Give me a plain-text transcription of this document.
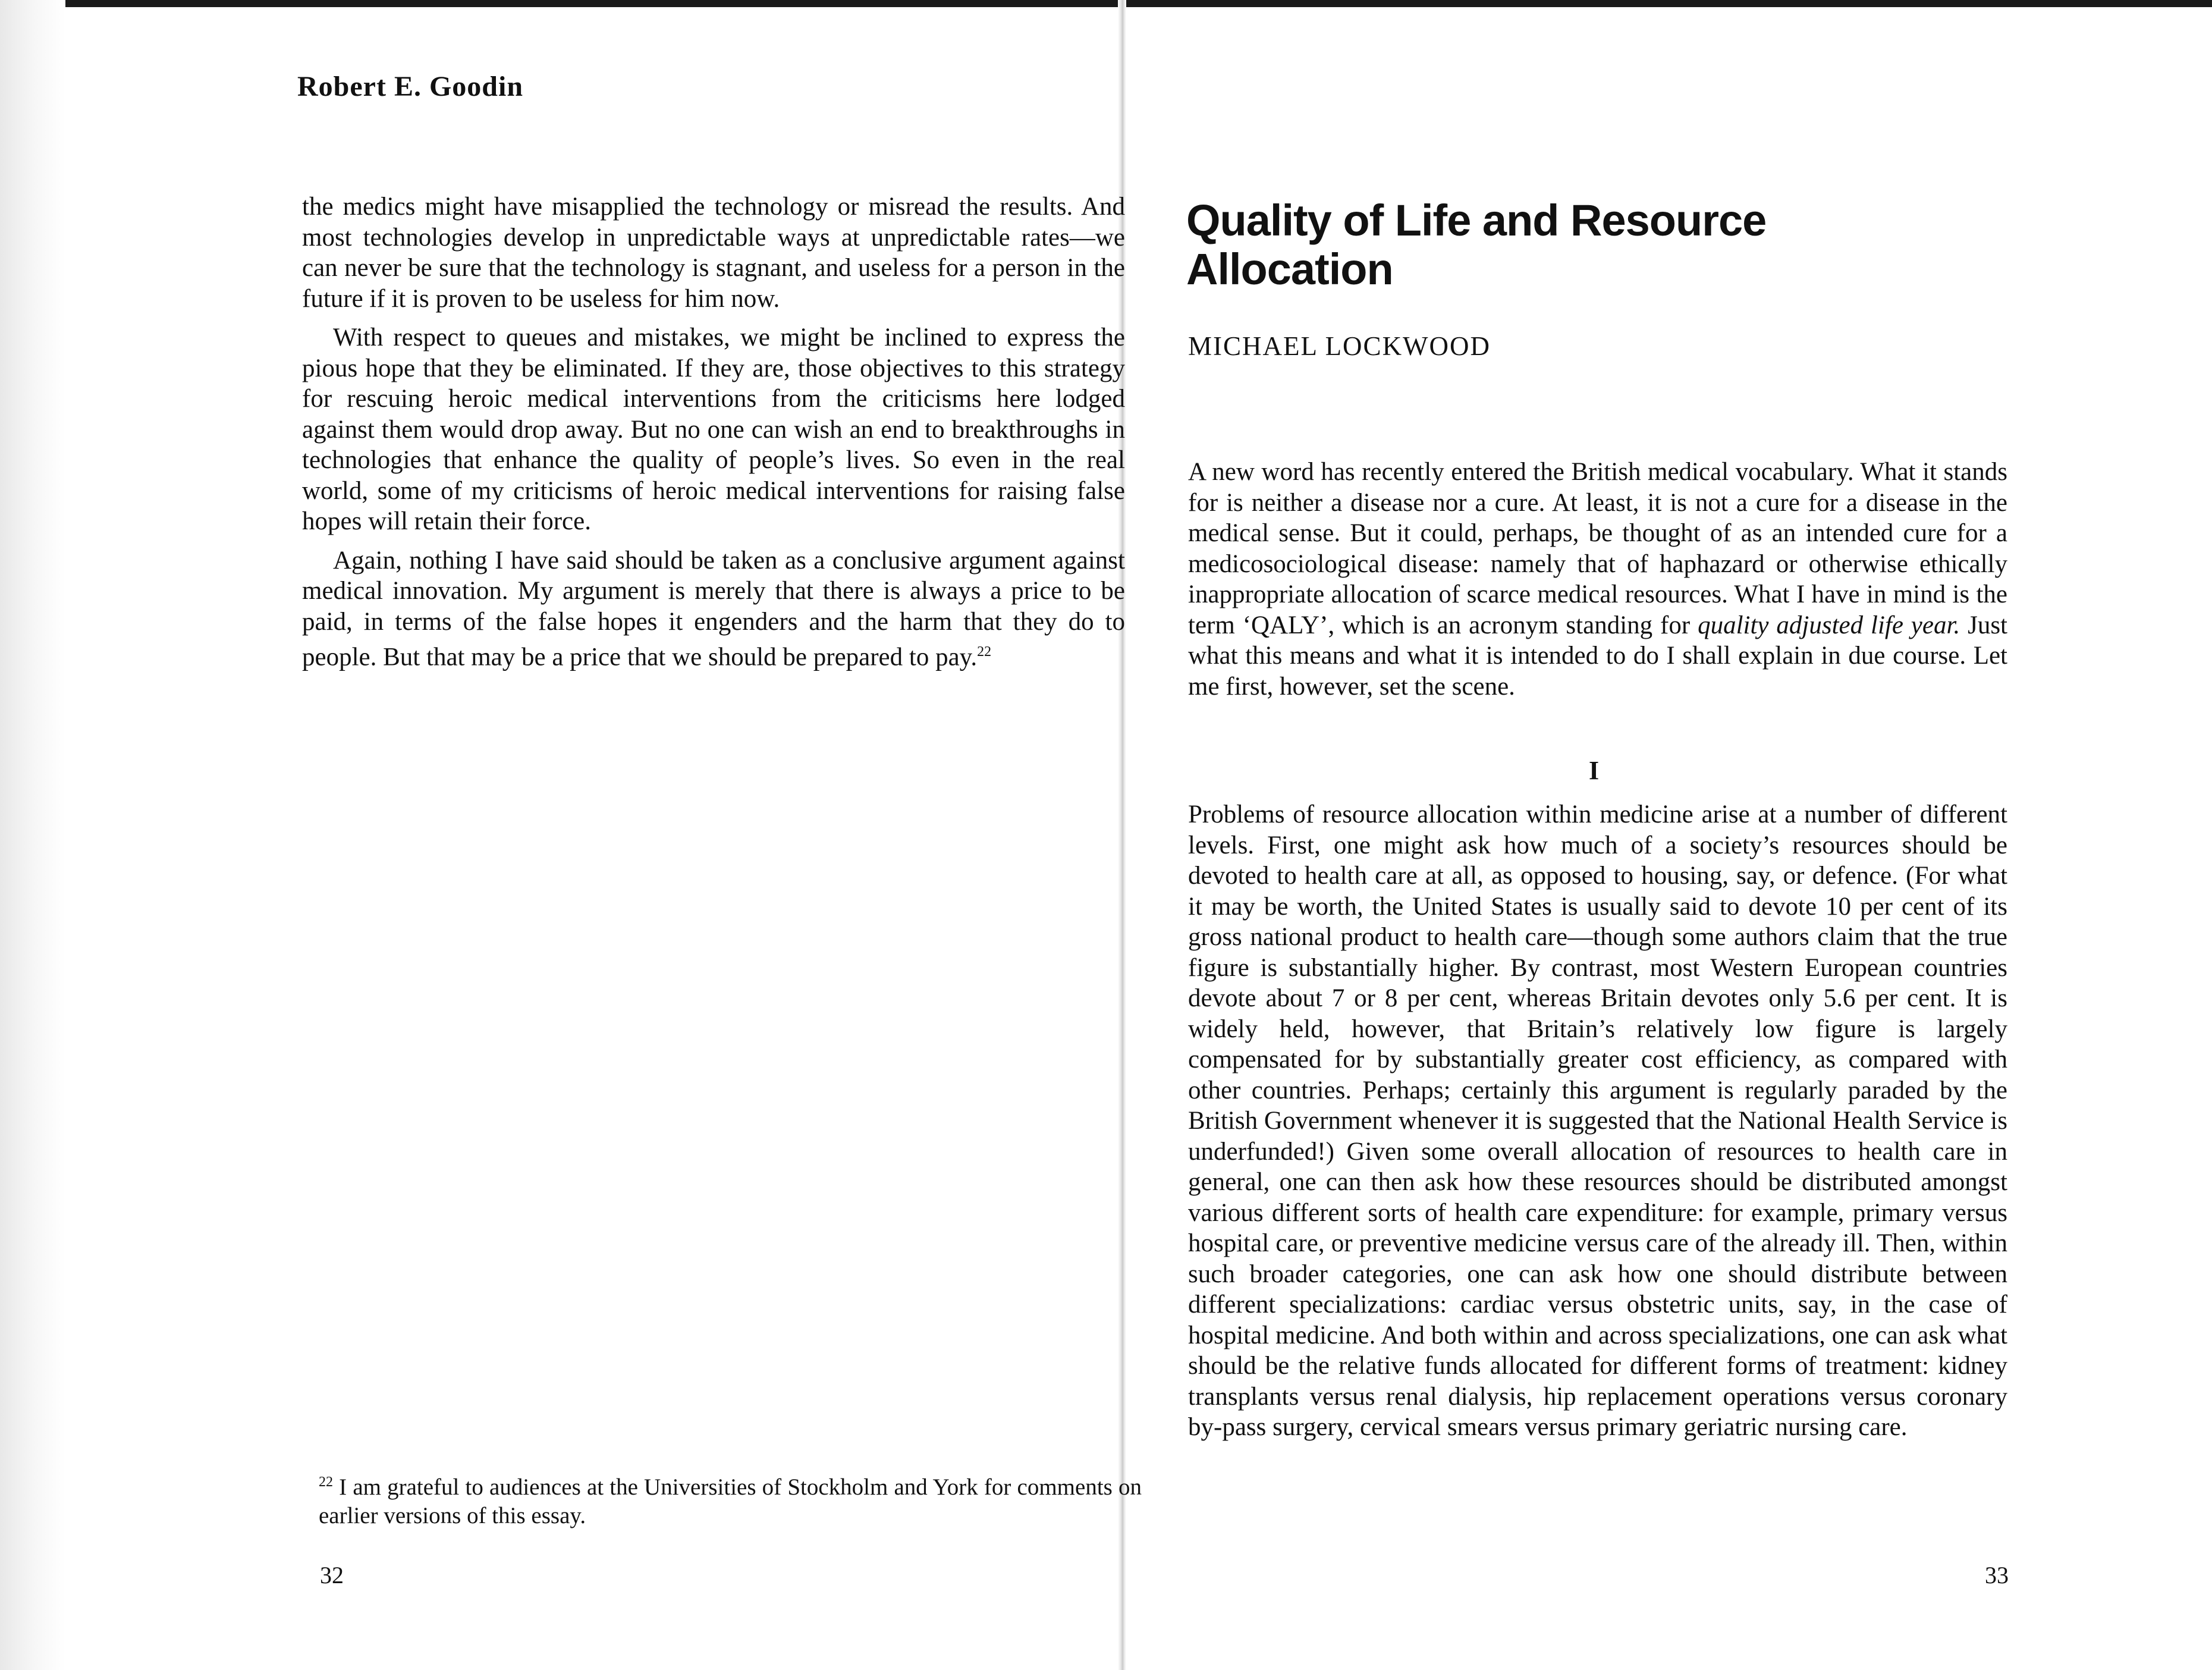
Robert E. Goodin

the medics might have misapplied the technology or misread the results. And most technologies develop in unpredictable ways at unpredictable rates—we can never be sure that the technology is stagnant, and useless for a person in the future if it is proven to be useless for him now.

With respect to queues and mistakes, we might be inclined to express the pious hope that they be eliminated. If they are, those objectives to this strategy for rescuing heroic medical interventions from the criticisms here lodged against them would drop away. But no one can wish an end to breakthroughs in technologies that enhance the quality of people’s lives. So even in the real world, some of my criticisms of heroic medical interventions for raising false hopes will retain their force.

Again, nothing I have said should be taken as a conclusive argument against medical innovation. My argument is merely that there is always a price to be paid, in terms of the false hopes it engenders and the harm that they do to people. But that may be a price that we should be prepared to pay.$^{22}$

$^{22}$ I am grateful to audiences at the Universities of Stockholm and York for comments on earlier versions of this essay.
32
Quality of Life and Resource Allocation
MICHAEL LOCKWOOD

A new word has recently entered the British medical vocabulary. What it stands for is neither a disease nor a cure. At least, it is not a cure for a disease in the medical sense. But it could, perhaps, be thought of as an intended cure for a medicosociological disease: namely that of haphazard or otherwise ethically inappropriate allocation of scarce medical resources. What I have in mind is the term ‘QALY’, which is an acronym standing for quality adjusted life year. Just what this means and what it is intended to do I shall explain in due course. Let me first, however, set the scene.

I

Problems of resource allocation within medicine arise at a number of different levels. First, one might ask how much of a society’s resources should be devoted to health care at all, as opposed to housing, say, or defence. (For what it may be worth, the United States is usually said to devote 10 per cent of its gross national product to health care—though some authors claim that the true figure is substantially higher. By contrast, most Western European countries devote about 7 or 8 per cent, whereas Britain devotes only 5.6 per cent. It is widely held, however, that Britain’s relatively low figure is largely compensated for by substantially greater cost efficiency, as compared with other countries. Perhaps; certainly this argument is regularly paraded by the British Government whenever it is suggested that the National Health Service is underfunded!) Given some overall allocation of resources to health care in general, one can then ask how these resources should be distributed amongst various different sorts of health care expenditure: for example, primary versus hospital care, or preventive medicine versus care of the already ill. Then, within such broader categories, one can ask how one should distribute between different specializations: cardiac versus obstetric units, say, in the case of hospital medicine. And both within and across specializations, one can ask what should be the relative funds allocated for different forms of treatment: kidney transplants versus renal dialysis, hip replacement operations versus coronary by-pass surgery, cervical smears versus primary geriatric nursing care.

33
